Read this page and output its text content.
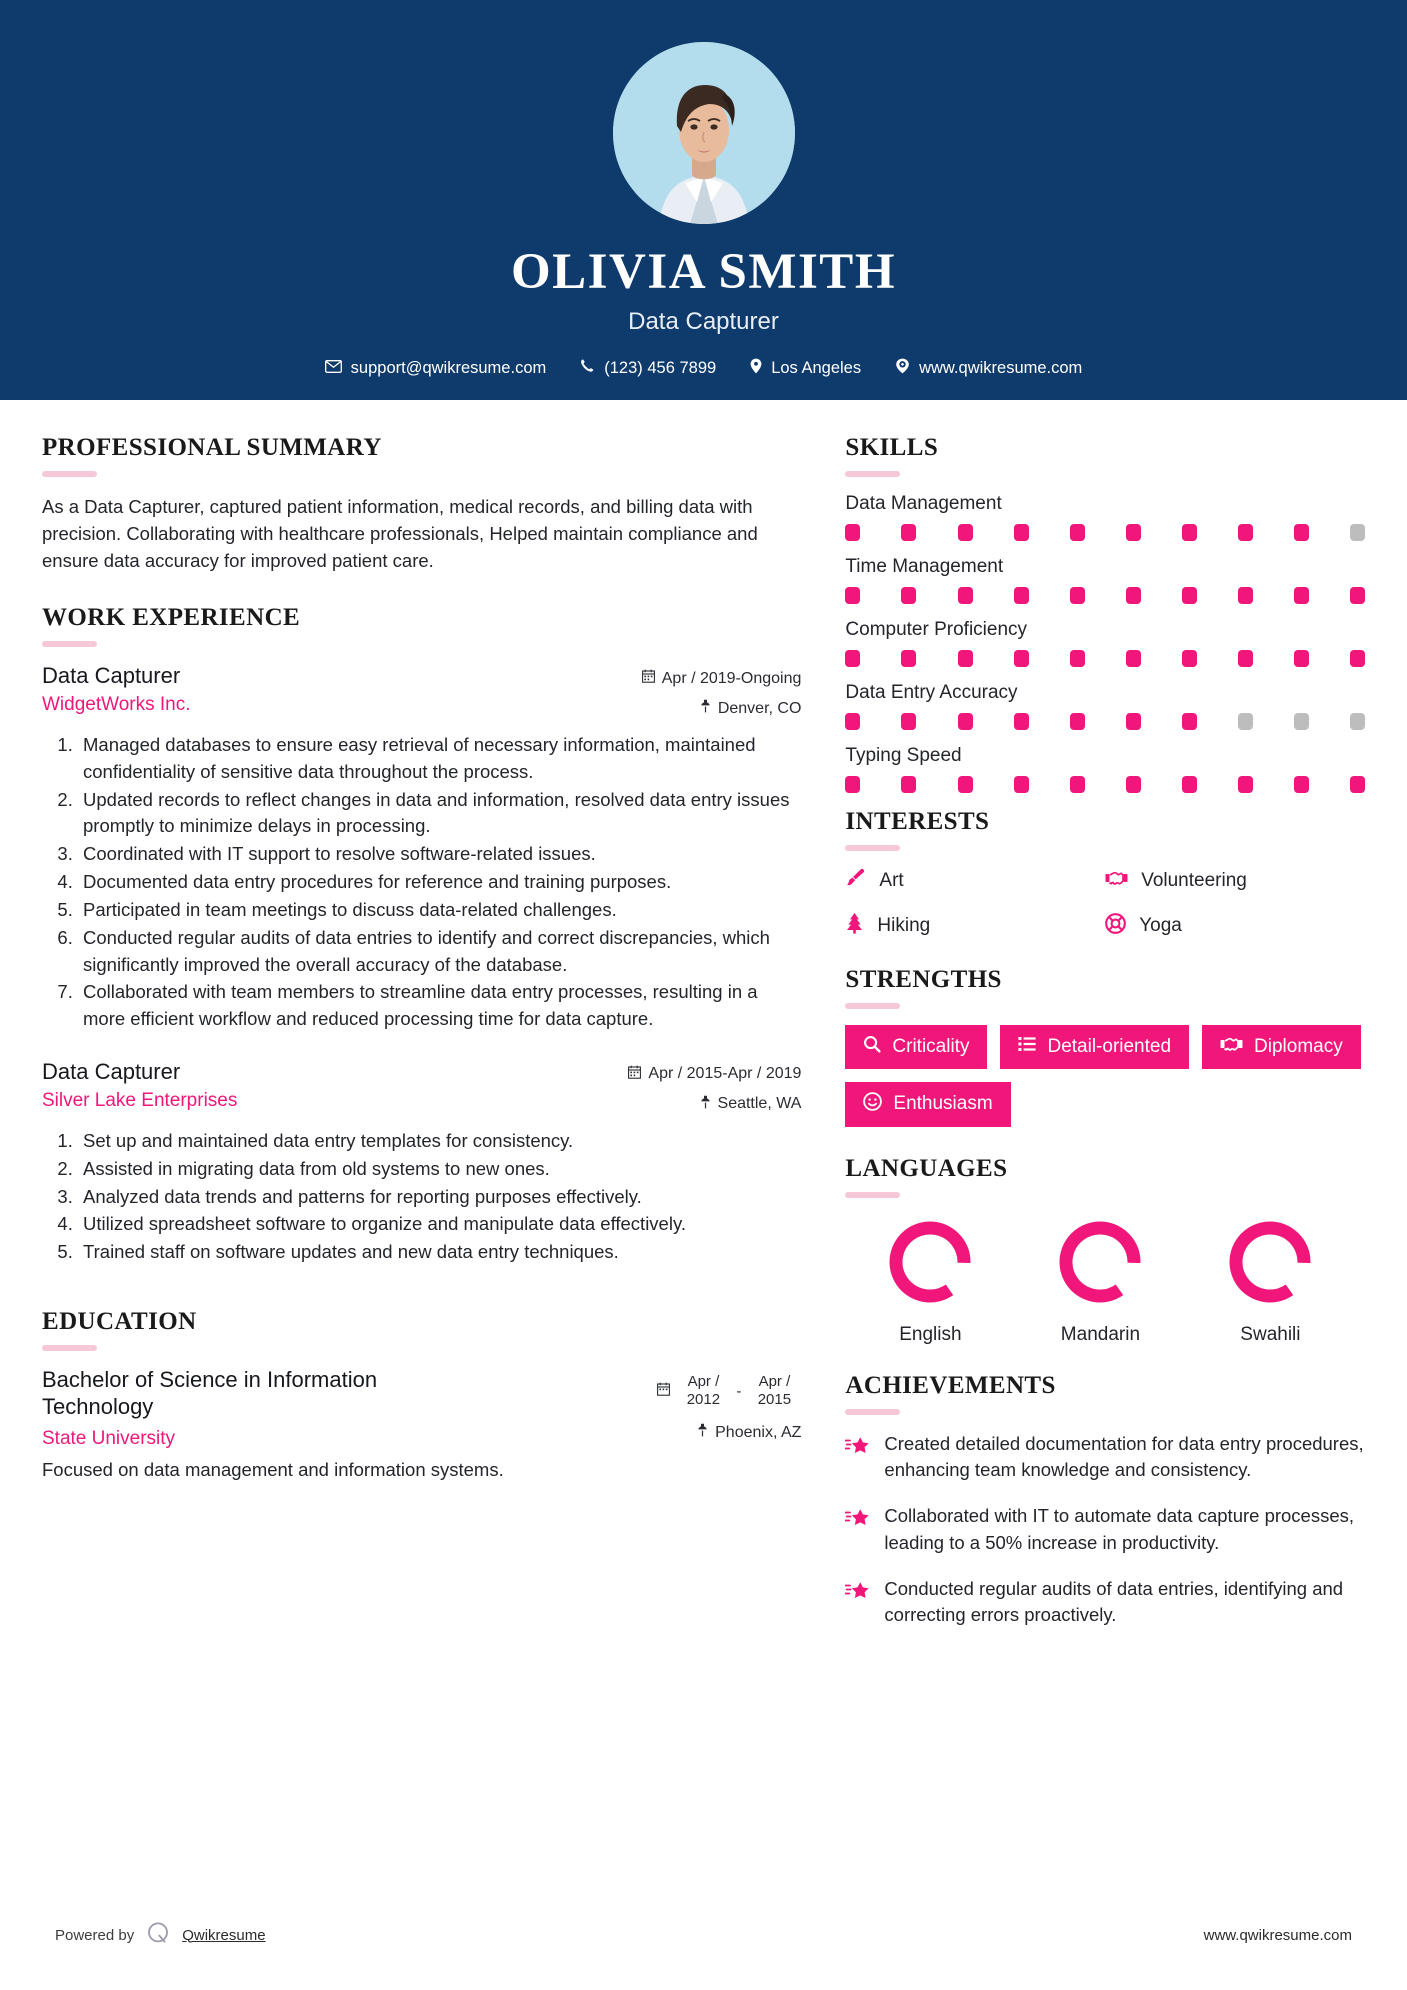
OLIVIA SMITH
Data Capturer
support@qwikresume.com	(123) 456 7899	Los Angeles	www.qwikresume.com
PROFESSIONAL SUMMARY
As a Data Capturer, captured patient information, medical records, and billing data with precision. Collaborating with healthcare professionals, Helped maintain compliance and ensure data accuracy for improved patient care.
WORK EXPERIENCE
Data Capturer
WidgetWorks Inc.
Apr / 2019-Ongoing
Denver, CO
1. Managed databases to ensure easy retrieval of necessary information, maintained confidentiality of sensitive data throughout the process.
2. Updated records to reflect changes in data and information, resolved data entry issues promptly to minimize delays in processing.
3. Coordinated with IT support to resolve software-related issues.
4. Documented data entry procedures for reference and training purposes.
5. Participated in team meetings to discuss data-related challenges.
6. Conducted regular audits of data entries to identify and correct discrepancies, which significantly improved the overall accuracy of the database.
7. Collaborated with team members to streamline data entry processes, resulting in a more efficient workflow and reduced processing time for data capture.
Data Capturer
Silver Lake Enterprises
Apr / 2015-Apr / 2019
Seattle, WA
1. Set up and maintained data entry templates for consistency.
2. Assisted in migrating data from old systems to new ones.
3. Analyzed data trends and patterns for reporting purposes effectively.
4. Utilized spreadsheet software to organize and manipulate data effectively.
5. Trained staff on software updates and new data entry techniques.
EDUCATION
Bachelor of Science in Information Technology
State University
Apr / 2012	-
Apr / 2015
Phoenix, AZ
Focused on data management and information systems.
SKILLS
Data Management
Time Management
Computer Proficiency
Data Entry Accuracy
Typing Speed
INTERESTS
Art	Volunteering
Hiking	Yoga
STRENGTHS
Criticality	Detail-oriented	Diplomacy
Enthusiasm
LANGUAGES
English	Mandarin	Swahili
ACHIEVEMENTS
Created detailed documentation for data entry procedures, enhancing team knowledge and consistency.
Collaborated with IT to automate data capture processes, leading to a 50% increase in productivity.
Conducted regular audits of data entries, identifying and correcting errors proactively.
Powered by	Qwikresume	www.qwikresume.com
